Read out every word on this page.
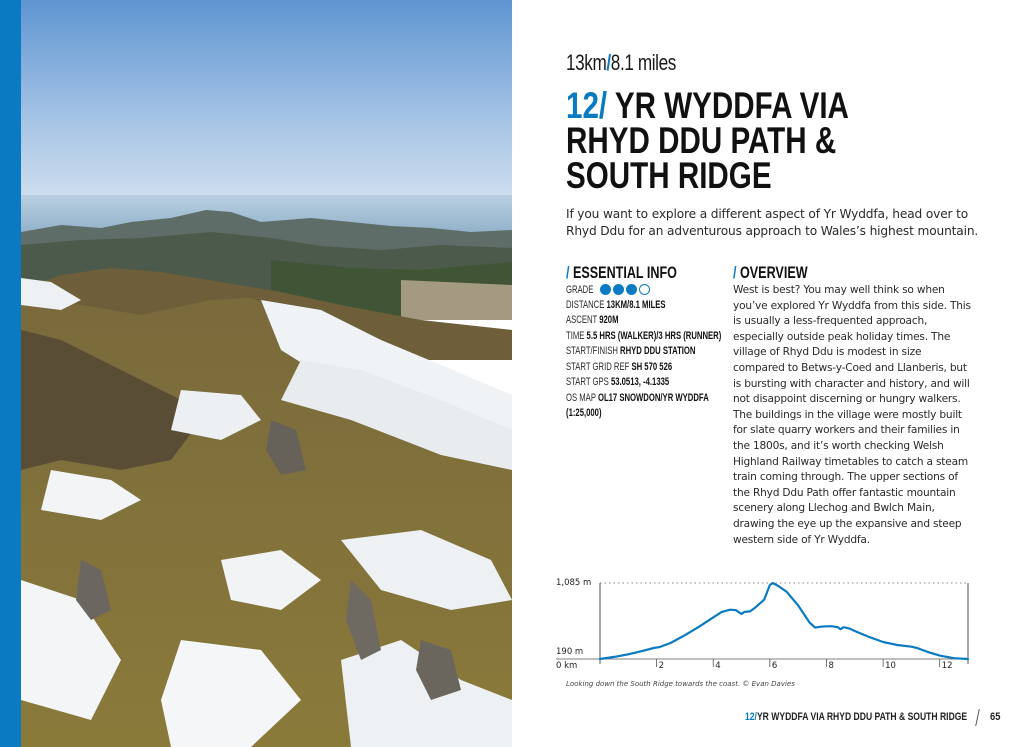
13km/8.1 miles
12/ YR WYDDFA VIA
RHYD DDU PATH &
SOUTH RIDGE

If you want to explore a different aspect of Yr Wyddfa, head over to Rhyd Ddu for an adventurous approach to Wales’s highest mountain.

/ ESSENTIAL INFO
GRADE
DISTANCE 13KM/8.1 MILES
ASCENT 920M
TIME 5.5 HRS (WALKER)/3 HRS (RUNNER)
START/FINISH RHYD DDU STATION
START GRID REF SH 570 526
START GPS 53.0513, -4.1335
OS MAP OL17 SNOWDON/YR WYDDFA
(1:25,000)
/ OVERVIEW

West is best? You may well think so when you’ve explored Yr Wyddfa from this side. This is usually a less-frequented approach, especially outside peak holiday times. The village of Rhyd Ddu is modest in size compared to Betws-y-Coed and Llanberis, but is bursting with character and history, and will not disappoint discerning or hungry walkers. The buildings in the village were mostly built for slate quarry workers and their families in the 1800s, and it’s worth checking Welsh Highland Railway timetables to catch a steam train coming through. The upper sections of the Rhyd Ddu Path offer fantastic mountain scenery along Llechog and Bwlch Main, drawing the eye up the expansive and steep western side of Yr Wyddfa.

1,085 m
190 m
0 km	2	4	6	8	10	12
Looking down the South Ridge towards the coast. © Evan Davies
12/YR WYDDFA VIA RHYD DDU PATH & SOUTH RIDGE	65
